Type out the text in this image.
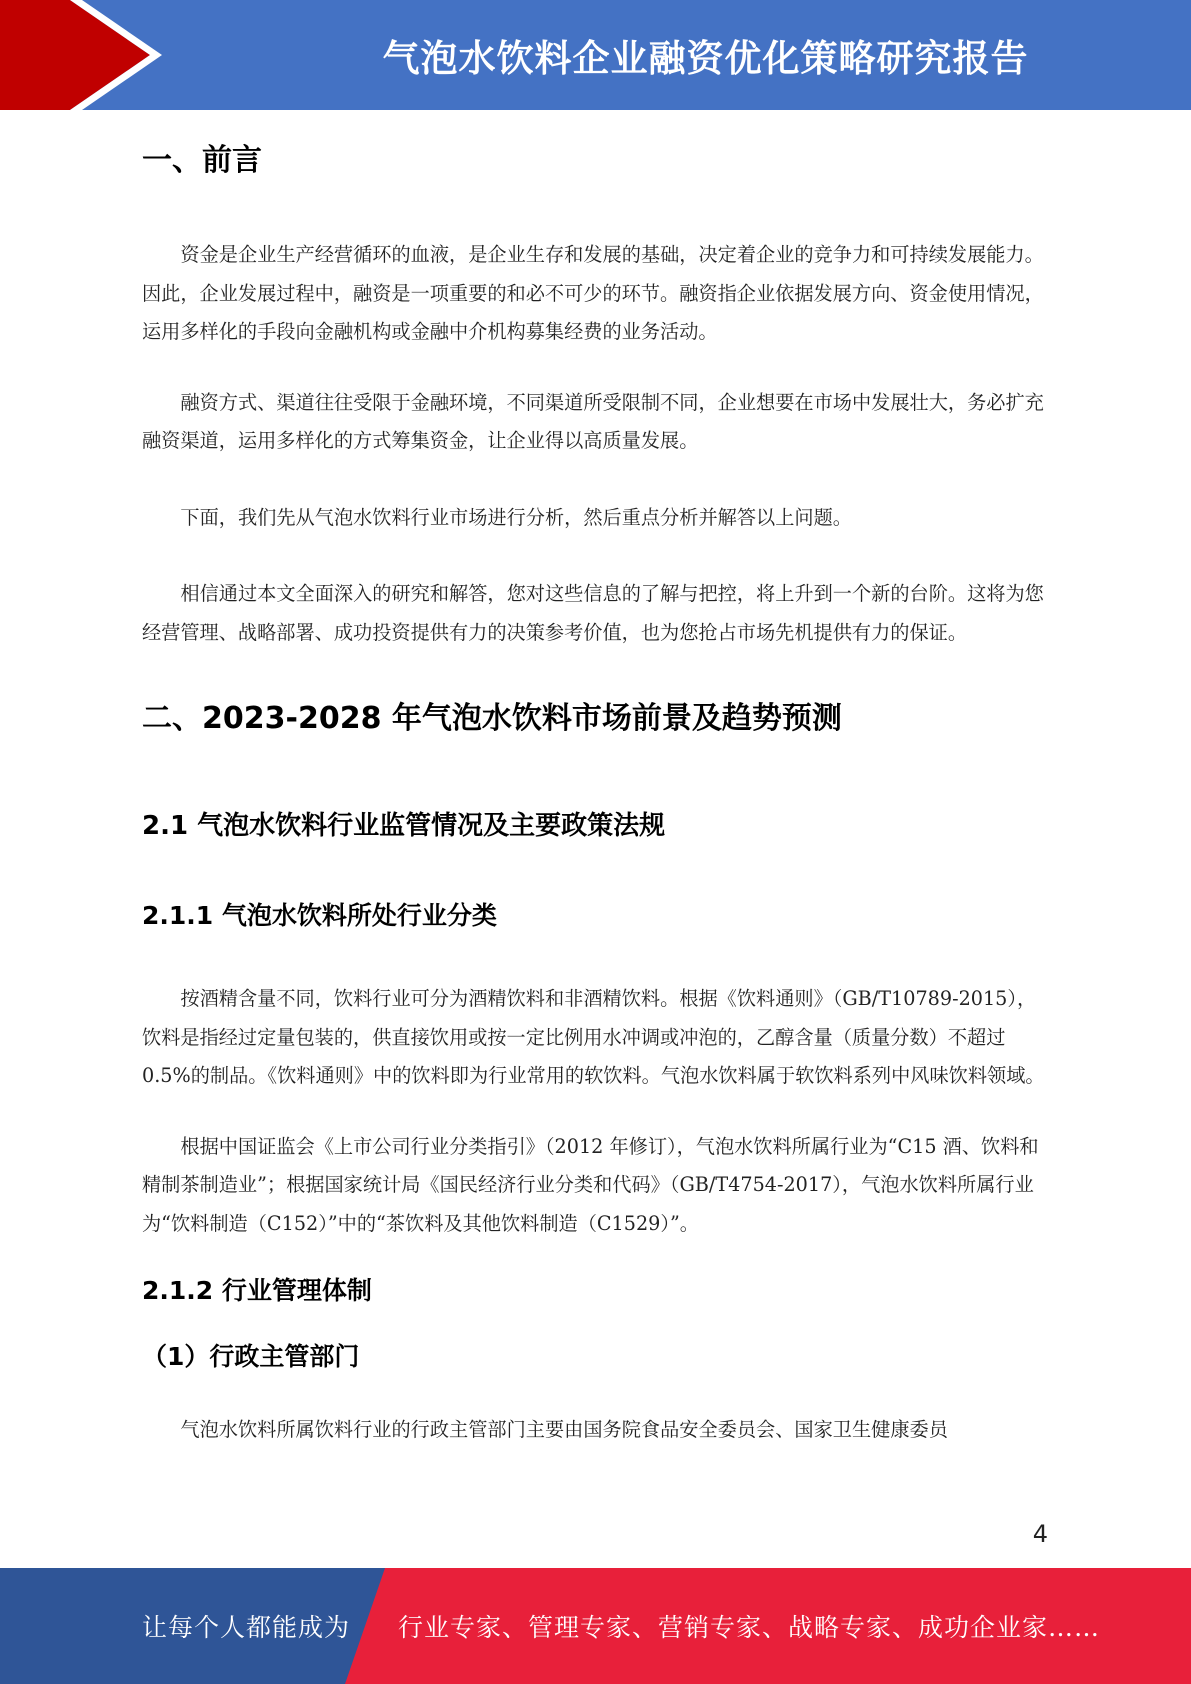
气泡水饮料企业融资优化策略研究报告
一、前言

资金是企业生产经营循环的血液，是企业生存和发展的基础，决定着企业的竞争力和可持续发展能力。因此，企业发展过程中，融资是一项重要的和必不可少的环节。融资指企业依据发展方向、资金使用情况，运用多样化的手段向金融机构或金融中介机构募集经费的业务活动。

融资方式、渠道往往受限于金融环境，不同渠道所受限制不同，企业想要在市场中发展壮大，务必扩充融资渠道，运用多样化的方式筹集资金，让企业得以高质量发展。

下面，我们先从气泡水饮料行业市场进行分析，然后重点分析并解答以上问题。

相信通过本文全面深入的研究和解答，您对这些信息的了解与把控，将上升到一个新的台阶。这将为您经营管理、战略部署、成功投资提供有力的决策参考价值，也为您抢占市场先机提供有力的保证。

二、2023-2028 年气泡水饮料市场前景及趋势预测
2.1 气泡水饮料行业监管情况及主要政策法规
2.1.1 气泡水饮料所处行业分类

按酒精含量不同，饮料行业可分为酒精饮料和非酒精饮料。根据《饮料通则》（GB/T10789-2015），饮料是指经过定量包装的，供直接饮用或按一定比例用水冲调或冲泡的，乙醇含量（质量分数）不超过 0.5%的制品。《饮料通则》中的饮料即为行业常用的软饮料。气泡水饮料属于软饮料系列中风味饮料领域。

根据中国证监会《上市公司行业分类指引》（2012 年修订），气泡水饮料所属行业为“C15 酒、饮料和精制茶制造业”；根据国家统计局《国民经济行业分类和代码》（GB/T4754-2017），气泡水饮料所属行业为“饮料制造（C152）”中的“茶饮料及其他饮料制造（C1529）”。

2.1.2 行业管理体制
（1）行政主管部门

气泡水饮料所属饮料行业的行政主管部门主要由国务院食品安全委员会、国家卫生健康委员

4
让每个人都能成为 行业专家、管理专家、营销专家、战略专家、成功企业家……
